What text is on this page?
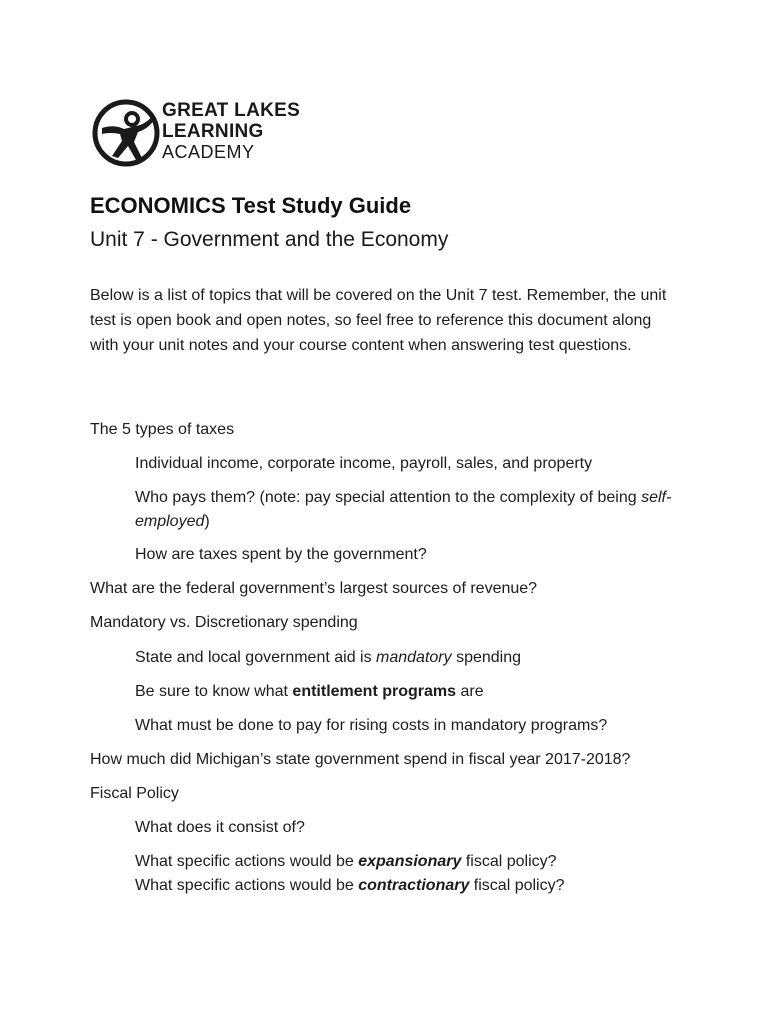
GREAT LAKES
LEARNING
ACADEMY
ECONOMICS Test Study Guide
Unit 7 - Government and the Economy

Below is a list of topics that will be covered on the Unit 7 test. Remember, the unit test is open book and open notes, so feel free to reference this document along with your unit notes and your course content when answering test questions.

The 5 types of taxes
Individual income, corporate income, payroll, sales, and property
Who pays them? (note: pay special attention to the complexity of being self-employed)
How are taxes spent by the government?
What are the federal government’s largest sources of revenue?
Mandatory vs. Discretionary spending
State and local government aid is mandatory spending
Be sure to know what entitlement programs are
What must be done to pay for rising costs in mandatory programs?
How much did Michigan’s state government spend in fiscal year 2017-2018?
Fiscal Policy
What does it consist of?
What specific actions would be expansionary fiscal policy?
What specific actions would be contractionary fiscal policy?
